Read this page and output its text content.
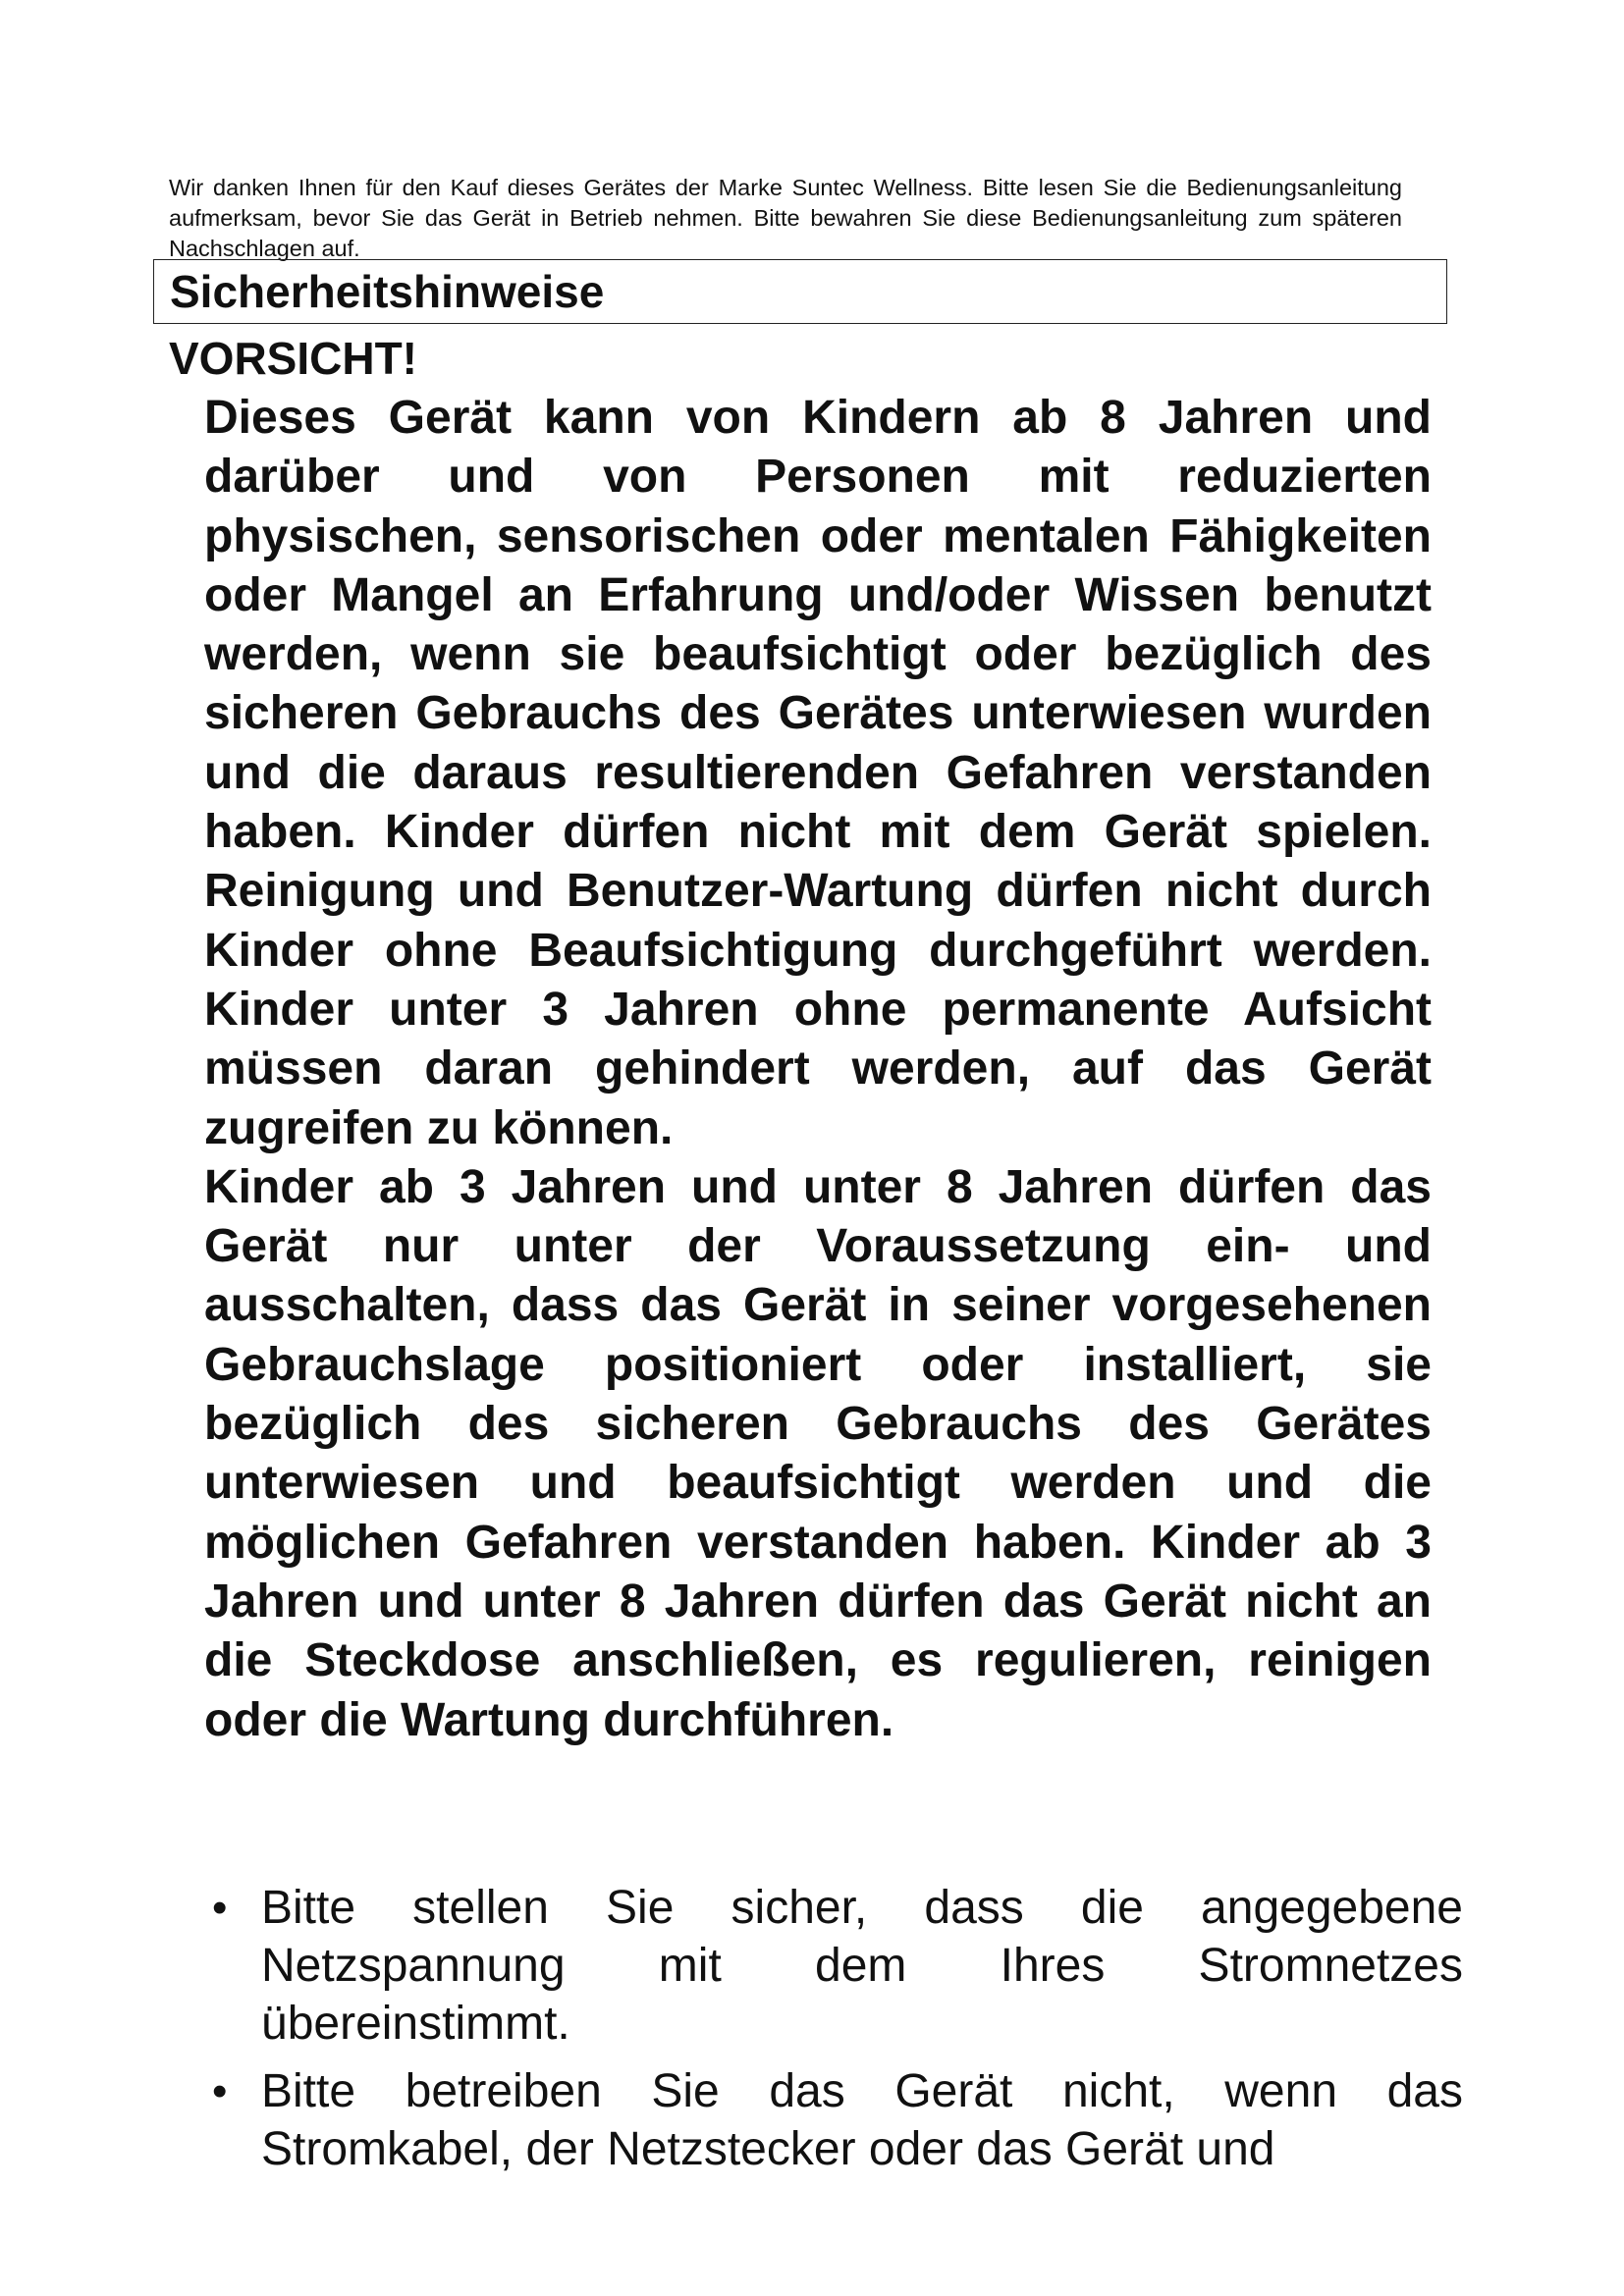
Wir danken Ihnen für den Kauf dieses Gerätes der Marke Suntec Wellness. Bitte lesen Sie die Bedienungsanleitung aufmerksam, bevor Sie das Gerät in Betrieb nehmen. Bitte bewahren Sie diese Bedienungsanleitung zum späteren Nachschlagen auf.

Sicherheitshinweise
VORSICHT!

Dieses Gerät kann von Kindern ab 8 Jahren und darüber und von Personen mit reduzierten physischen, sensorischen oder mentalen Fähigkeiten oder Mangel an Erfahrung und/oder Wissen benutzt werden, wenn sie beaufsichtigt oder bezüglich des sicheren Gebrauchs des Gerätes unterwiesen wurden und die daraus resultierenden Gefahren verstanden haben. Kinder dürfen nicht mit dem Gerät spielen. Reinigung und Benutzer-Wartung dürfen nicht durch Kinder ohne Beaufsichtigung durchgeführt werden. Kinder unter 3 Jahren ohne permanente Aufsicht müssen daran gehindert werden, auf das Gerät zugreifen zu können.

Kinder ab 3 Jahren und unter 8 Jahren dürfen das Gerät nur unter der Voraussetzung ein- und ausschalten, dass das Gerät in seiner vorgesehenen Gebrauchslage positioniert oder installiert, sie bezüglich des sicheren Gebrauchs des Gerätes unterwiesen und beaufsichtigt werden und die möglichen Gefahren verstanden haben. Kinder ab 3 Jahren und unter 8 Jahren dürfen das Gerät nicht an die Steckdose anschließen, es regulieren, reinigen oder die Wartung durchführen.

• Bitte stellen Sie sicher, dass die angegebene Netzspannung mit dem Ihres Stromnetzes übereinstimmt.
• Bitte betreiben Sie das Gerät nicht, wenn das Stromkabel, der Netzstecker oder das Gerät und
